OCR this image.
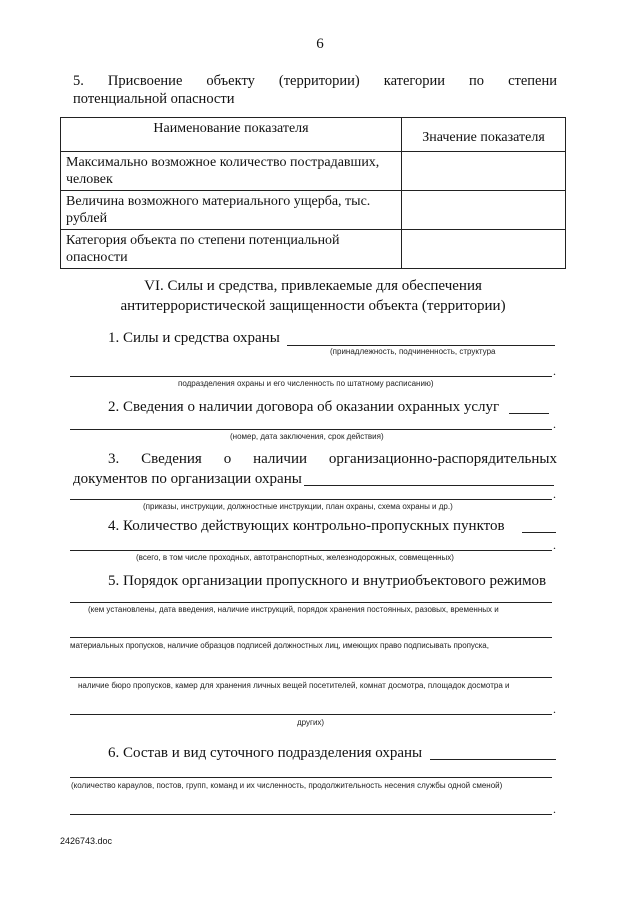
6
5. Присвоение объекту (территории) категории по степени
потенциальной опасности
Наименование показателя	Значение показателя
Максимально возможное количество пострадавших, человек	
Величина возможного материального ущерба, тыс. рублей	
Категория объекта по степени потенциальной опасности	
VI. Силы и средства, привлекаемые для обеспечения
антитеррористической защищенности объекта (территории)
1. Силы и средства охраны
(принадлежность, подчиненность, структура
.
подразделения охраны и его численность по штатному расписанию)
2. Сведения о наличии договора об оказании охранных услуг
.
(номер, дата заключения, срок действия)
3. Сведения о наличии организационно-распорядительных
документов по организации охраны
.
(приказы, инструкции, должностные инструкции, план охраны, схема охраны и др.)
4. Количество действующих контрольно-пропускных пунктов
.
(всего, в том числе проходных, автотранспортных, железнодорожных, совмещенных)
5. Порядок организации пропускного и внутриобъектового режимов
(кем установлены, дата введения, наличие инструкций, порядок хранения постоянных, разовых, временных и
материальных пропусков, наличие образцов подписей должностных лиц, имеющих право подписывать пропуска,
наличие бюро пропусков, камер для хранения личных вещей посетителей, комнат досмотра, площадок досмотра и
.
других)
6. Состав и вид суточного подразделения охраны
(количество караулов, постов, групп, команд и их численность, продолжительность несения службы одной сменой)
.
2426743.doc
